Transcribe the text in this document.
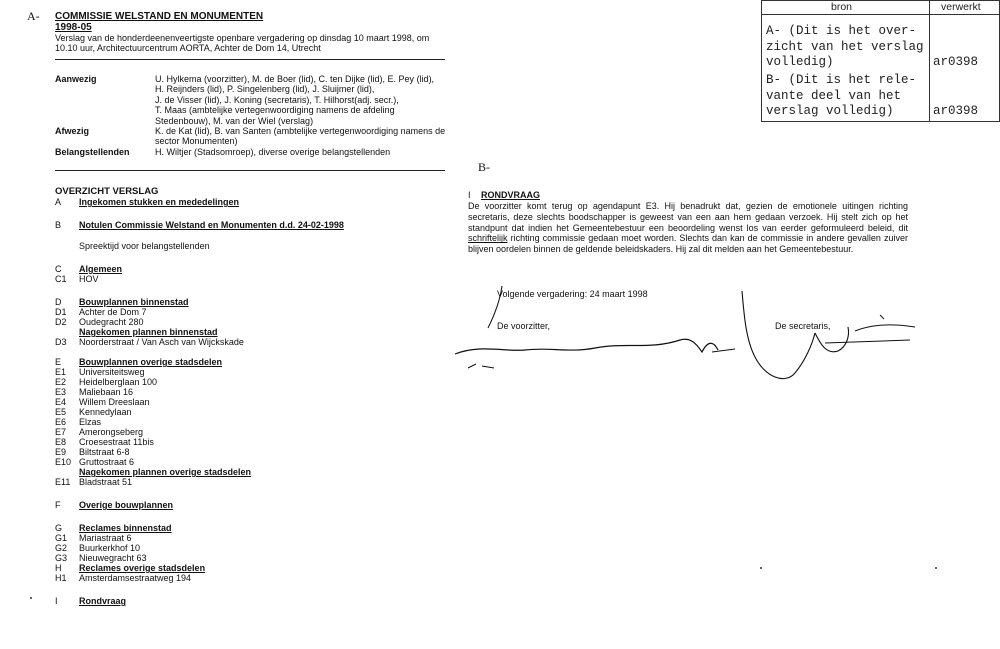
A- COMMISSIE WELSTAND EN MONUMENTEN
1998-05
Verslag van de honderdeenenveertigste openbare vergadering op dinsdag 10 maart 1998, om
10.10 uur, Architectuurcentrum AORTA, Achter de Dom 14, Utrecht
Aanwezig	U. Hylkema (voorzitter), M. de Boer (lid), C. ten Dijke (lid), E. Pey (lid),
H. Reijnders (lid), P. Singelenberg (lid), J. Sluijmer (lid),
J. de Visser (lid), J. Koning (secretaris), T. Hilhorst(adj. secr.),
T. Maas (ambtelijke vertegenwoordiging namens de afdeling
Stedenbouw), M. van der Wiel (verslag)
Afwezig	K. de Kat (lid), B. van Santen (ambtelijke vertegenwoordiging namens de
sector Monumenten)
Belangstellenden	H. Wiltjer (Stadsomroep), diverse overige belangstellenden
OVERZICHT VERSLAG
A	Ingekomen stukken en mededelingen
B	Notulen Commissie Welstand en Monumenten d.d. 24-02-1998
Spreektijd voor belangstellenden
C	Algemeen
C1	HOV
D	Bouwplannen binnenstad
D1	Achter de Dom 7
D2	Oudegracht 280
Nagekomen plannen binnenstad
D3	Noorderstraat / Van Asch van Wijckskade
E	Bouwplannen overige stadsdelen
E1	Universiteitsweg
E2	Heidelberglaan 100
E3	Maliebaan 16
E4	Willem Dreeslaan
E5	Kennedylaan
E6	Elzas
E7	Amerongseberg
E8	Croesestraat 11bis
E9	Biltstraat 6-8
E10 Gruttostraat 6
Nagekomen plannen overige stadsdelen
E11 Bladstraat 51
F	Overige bouwplannen
G	Reclames binnenstad
G1	Mariastraat 6
G2	Buurkerkhof 10
G3	Nieuwegracht 63
H	Reclames overige stadsdelen
H1	Amsterdamsestraatweg 194
I	Rondvraag
B-
I RONDVRAAG

De voorzitter komt terug op agendapunt E3. Hij benadrukt dat, gezien de emotionele uitingen richting secretaris, deze slechts boodschapper is geweest van een aan hem gedaan verzoek. Hij stelt zich op het standpunt dat indien het Gemeentebestuur een beoordeling wenst los van eerder geformuleerd beleid, dit schriftelijk richting commissie gedaan moet worden. Slechts dan kan de commissie in andere gevallen zuiver blijven oordelen binnen de geldende beleidskaders. Hij zal dit melden aan het Gemeentebestuur.

Volgende vergadering: 24 maart 1998
De voorzitter,	De secretaris,
bron	verwerkt
A- (Dit is het over-
zicht van het verslag
volledig)	ar0398
B- (Dit is het rele-
vante deel van het
verslag volledig)	ar0398
